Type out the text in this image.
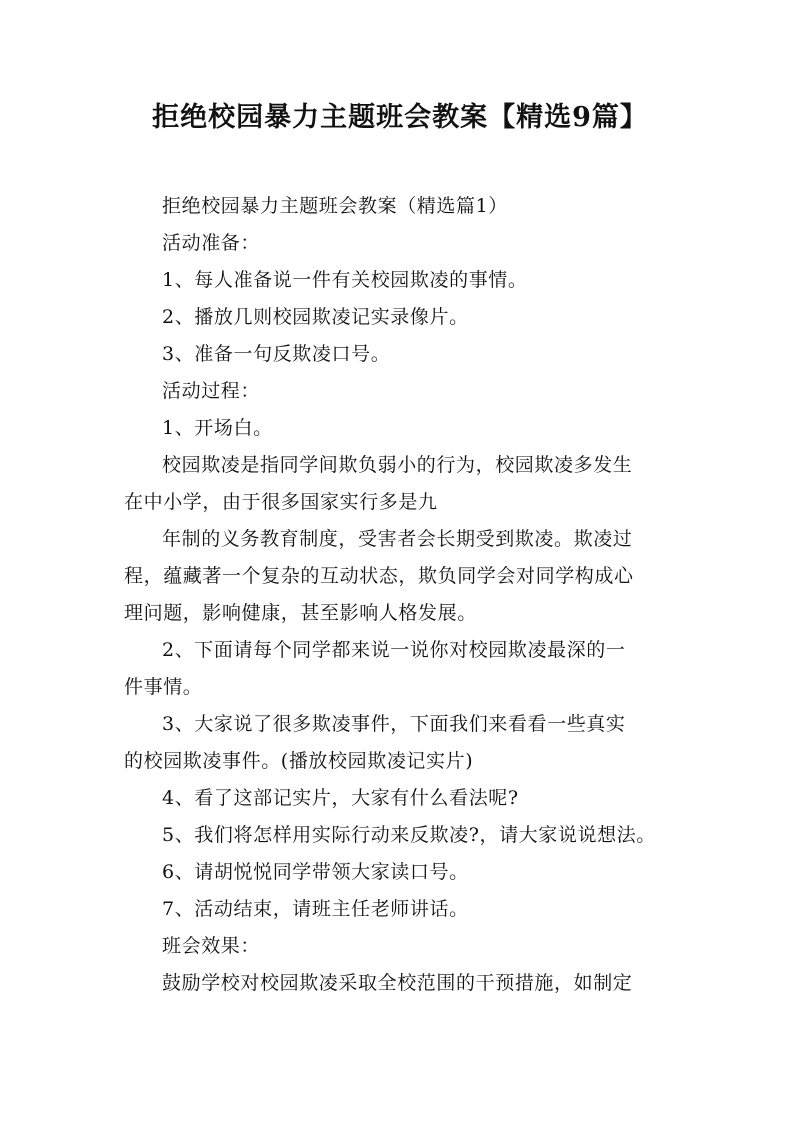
拒绝校园暴力主题班会教案【精选9篇】

拒绝校园暴力主题班会教案（精选篇1）

活动准备：

1、每人准备说一件有关校园欺凌的事情。

2、播放几则校园欺凌记实录像片。

3、准备一句反欺凌口号。

活动过程：

1、开场白。

校园欺凌是指同学间欺负弱小的行为，校园欺凌多发生

在中小学，由于很多国家实行多是九

年制的义务教育制度，受害者会长期受到欺凌。欺凌过

程，蕴藏著一个复杂的互动状态，欺负同学会对同学构成心

理问题，影响健康，甚至影响人格发展。

2、下面请每个同学都来说一说你对校园欺凌最深的一

件事情。

3、大家说了很多欺凌事件，下面我们来看看一些真实

的校园欺凌事件。(播放校园欺凌记实片)

4、看了这部记实片，大家有什么看法呢?

5、我们将怎样用实际行动来反欺凌?，请大家说说想法。

6、请胡悦悦同学带领大家读口号。

7、活动结束，请班主任老师讲话。

班会效果：

鼓励学校对校园欺凌采取全校范围的干预措施，如制定
